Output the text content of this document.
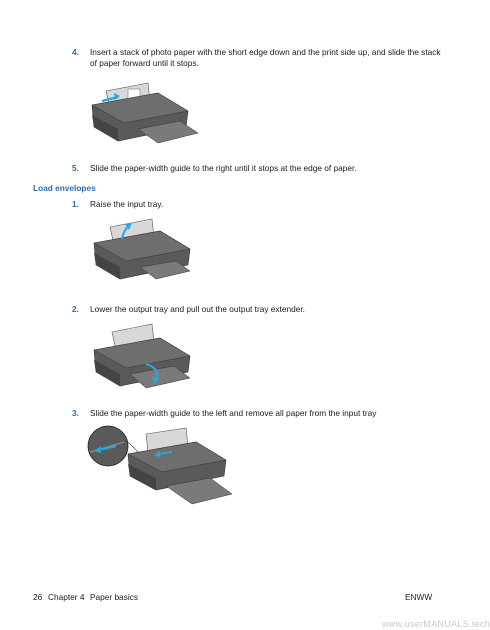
4.	Insert a stack of photo paper with the short edge down and the print side up, and slide the stack
of paper forward until it stops.
5.	Slide the paper-width guide to the right until it stops at the edge of paper.
Load envelopes
1.	Raise the input tray.
2.	Lower the output tray and pull out the output tray extender.
3.	Slide the paper-width guide to the left and remove all paper from the input tray
26 Chapter 4 Paper basics	ENWW
www.userMANUALS.tech
